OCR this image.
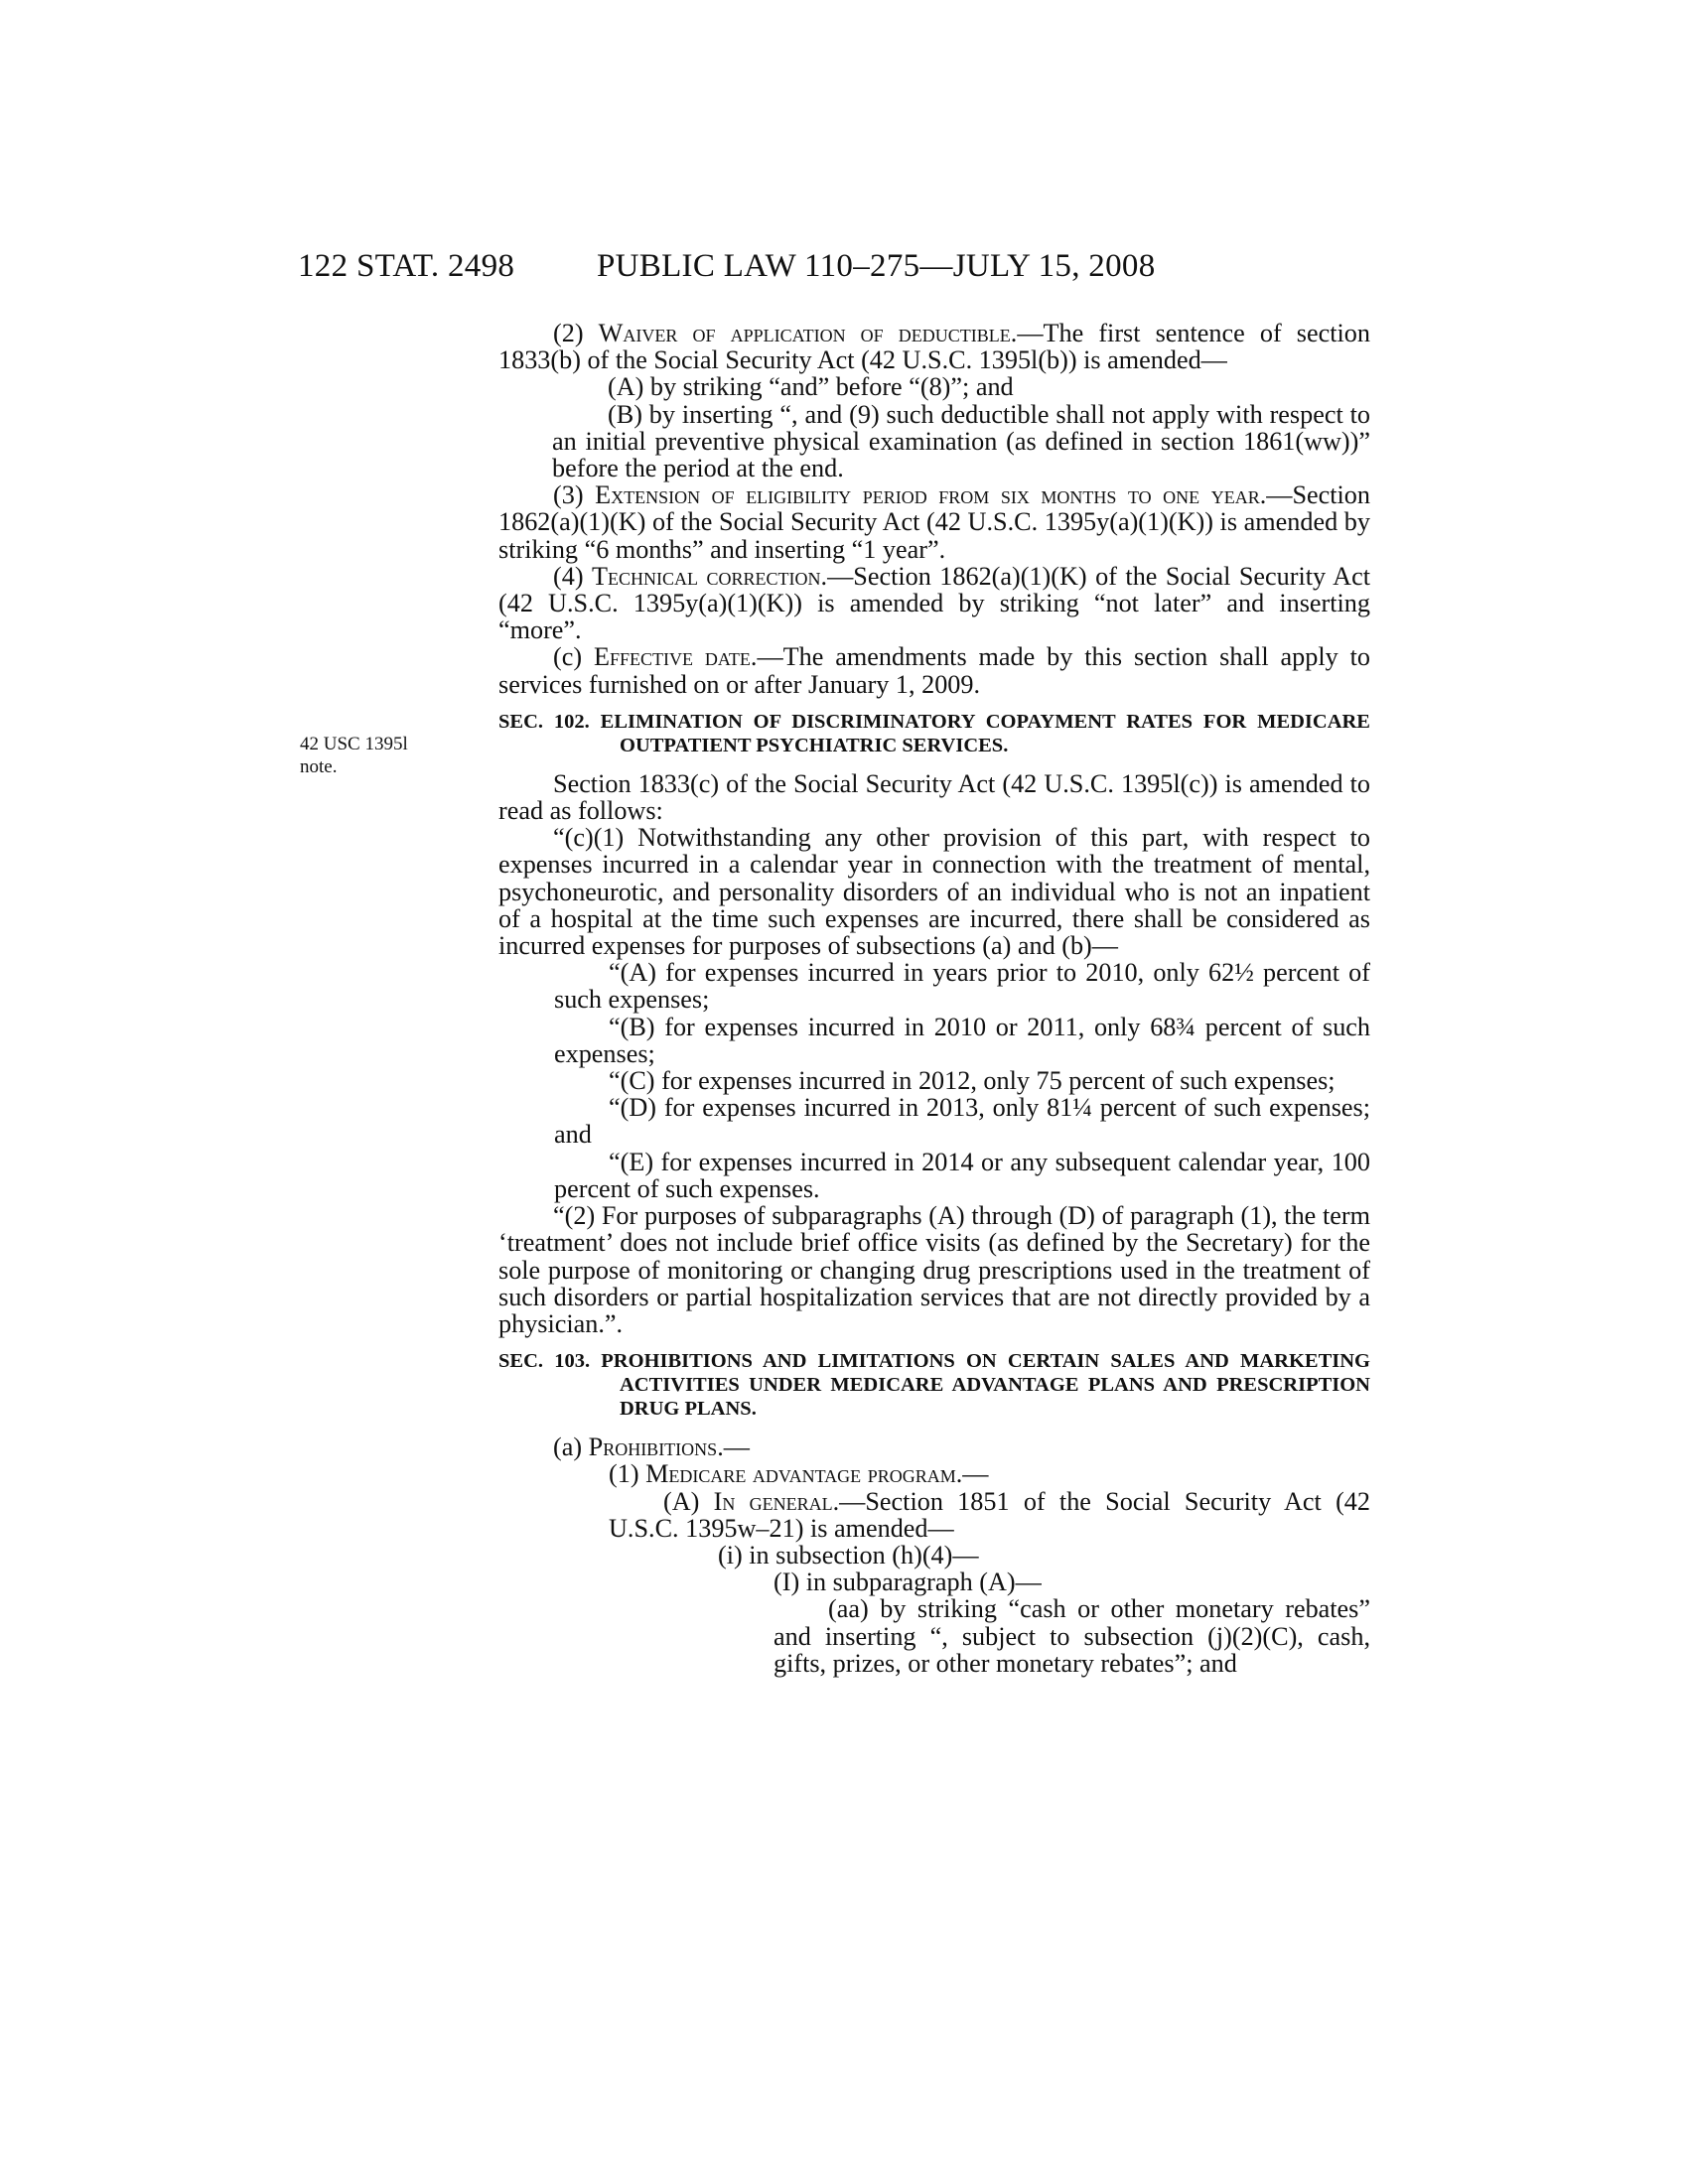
122 STAT. 2498	PUBLIC LAW 110–275—JULY 15, 2008
42 USC 1395l
note.

(2) Waiver of application of deductible.—The first sentence of section 1833(b) of the Social Security Act (42 U.S.C. 1395l(b)) is amended—

(A) by striking “and” before “(8)”; and

(B) by inserting “, and (9) such deductible shall not apply with respect to an initial preventive physical examination (as defined in section 1861(ww))” before the period at the end.

(3) Extension of eligibility period from six months to one year.—Section 1862(a)(1)(K) of the Social Security Act (42 U.S.C. 1395y(a)(1)(K)) is amended by striking “6 months” and inserting “1 year”.

(4) Technical correction.—Section 1862(a)(1)(K) of the Social Security Act (42 U.S.C. 1395y(a)(1)(K)) is amended by striking “not later” and inserting “more”.

(c) Effective date.—The amendments made by this section shall apply to services furnished on or after January 1, 2009.

SEC. 102. ELIMINATION OF DISCRIMINATORY COPAYMENT RATES FOR MEDICARE OUTPATIENT PSYCHIATRIC SERVICES.

Section 1833(c) of the Social Security Act (42 U.S.C. 1395l(c)) is amended to read as follows:

“(c)(1) Notwithstanding any other provision of this part, with respect to expenses incurred in a calendar year in connection with the treatment of mental, psychoneurotic, and personality disorders of an individual who is not an inpatient of a hospital at the time such expenses are incurred, there shall be considered as incurred expenses for purposes of subsections (a) and (b)—

“(A) for expenses incurred in years prior to 2010, only 62½ percent of such expenses;

“(B) for expenses incurred in 2010 or 2011, only 68¾ percent of such expenses;

“(C) for expenses incurred in 2012, only 75 percent of such expenses;

“(D) for expenses incurred in 2013, only 81¼ percent of such expenses; and

“(E) for expenses incurred in 2014 or any subsequent calendar year, 100 percent of such expenses.

“(2) For purposes of subparagraphs (A) through (D) of paragraph (1), the term ‘treatment’ does not include brief office visits (as defined by the Secretary) for the sole purpose of monitoring or changing drug prescriptions used in the treatment of such disorders or partial hospitalization services that are not directly provided by a physician.”.

SEC. 103. PROHIBITIONS AND LIMITATIONS ON CERTAIN SALES AND MARKETING ACTIVITIES UNDER MEDICARE ADVANTAGE PLANS AND PRESCRIPTION DRUG PLANS.

(a) Prohibitions.—

(1) Medicare advantage program.—

(A) In general.—Section 1851 of the Social Security Act (42 U.S.C. 1395w–21) is amended—

(i) in subsection (h)(4)—

(I) in subparagraph (A)—

(aa) by striking “cash or other monetary rebates” and inserting “, subject to subsection (j)(2)(C), cash, gifts, prizes, or other monetary rebates”; and
